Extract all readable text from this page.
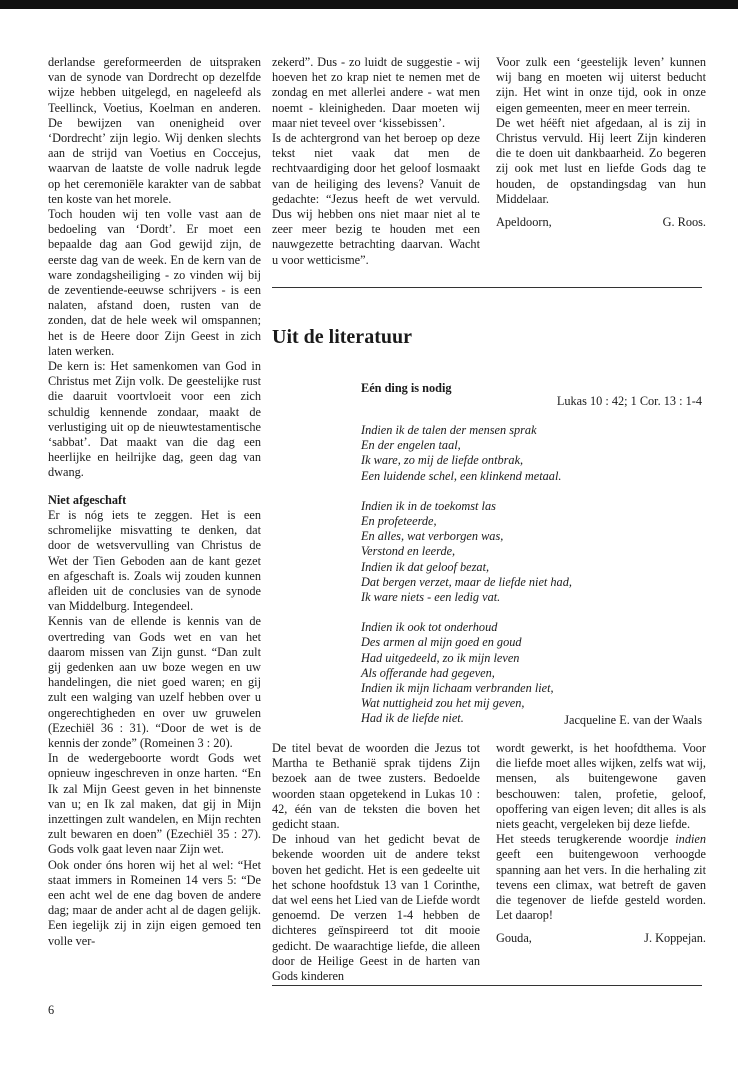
derlandse gereformeerden de uitspraken van de synode van Dordrecht op dezelfde wijze hebben uitgelegd, en nageleefd als Teellinck, Voetius, Koelman en anderen. De bewijzen van onenigheid over ‘Dordrecht’ zijn legio. Wij denken slechts aan de strijd van Voetius en Coccejus, waarvan de laatste de volle nadruk legde op het ceremoniële karakter van de sabbat ten koste van het morele.

Toch houden wij ten volle vast aan de bedoeling van ‘Dordt’. Er moet een bepaalde dag aan God gewijd zijn, de eerste dag van de week. En de kern van de ware zondagsheiliging - zo vinden wij bij de zeventiende-eeuwse schrijvers - is een nalaten, afstand doen, rusten van de zonden, dat de hele week wil omspannen; het is de Heere door Zijn Geest in zich laten werken.

De kern is: Het samenkomen van God in Christus met Zijn volk. De geestelijke rust die daaruit voortvloeit voor een zich schuldig kennende zondaar, maakt de verlustiging uit op de nieuwtestamentische ‘sabbat’. Dat maakt van die dag een heerlijke en heilrijke dag, geen dag van dwang.

Niet afgeschaft

Er is nóg iets te zeggen. Het is een schromelijke misvatting te denken, dat door de wetsvervulling van Christus de Wet der Tien Geboden aan de kant gezet en afgeschaft is. Zoals wij zouden kunnen afleiden uit de conclusies van de synode van Middelburg. Integendeel.

Kennis van de ellende is kennis van de overtreding van Gods wet en van het daarom missen van Zijn gunst. “Dan zult gij gedenken aan uw boze wegen en uw handelingen, die niet goed waren; en gij zult een walging van uzelf hebben over u ongerechtigheden en over uw gruwelen (Ezechiël 36 : 31). “Door de wet is de kennis der zonde” (Romeinen 3 : 20).

In de wedergeboorte wordt Gods wet opnieuw ingeschreven in onze harten. “En Ik zal Mijn Geest geven in het binnenste van u; en Ik zal maken, dat gij in Mijn inzettingen zult wandelen, en Mijn rechten zult bewaren en doen” (Ezechiël 35 : 27). Gods volk gaat leven naar Zijn wet.

Ook onder óns horen wij het al wel: “Het staat immers in Romeinen 14 vers 5: “De een acht wel de ene dag boven de andere dag; maar de ander acht al de dagen gelijk. Een iegelijk zij in zijn eigen gemoed ten volle ver-

zekerd”. Dus - zo luidt de suggestie - wij hoeven het zo krap niet te nemen met de zondag en met allerlei andere - wat men noemt - kleinigheden. Daar moeten wij maar niet teveel over ‘kissebissen’.

Is de achtergrond van het beroep op deze tekst niet vaak dat men de rechtvaardiging door het geloof losmaakt van de heiliging des levens? Vanuit de gedachte: “Jezus heeft de wet vervuld. Dus wij hebben ons niet maar niet al te zeer meer bezig te houden met een nauwgezette betrachting daarvan. Wacht u voor wetticisme”.

Voor zulk een ‘geestelijk leven’ kunnen wij bang en moeten wij uiterst beducht zijn. Het wint in onze tijd, ook in onze eigen gemeenten, meer en meer terrein.

De wet héëft niet afgedaan, al is zij in Christus vervuld. Hij leert Zijn kinderen die te doen uit dankbaarheid. Zo begeren zij ook met lust en liefde Gods dag te houden, de opstandingsdag van hun Middelaar.

Apeldoorn,	G. Roos.

Uit de literatuur
Eén ding is nodig
Lukas 10 : 42; 1 Cor. 13 : 1-4
Indien ik de talen der mensen sprak
En der engelen taal,
Ik ware, zo mij de liefde ontbrak,
Een luidende schel, een klinkend metaal.
Indien ik in de toekomst las
En profeteerde,
En alles, wat verborgen was,
Verstond en leerde,
Indien ik dat geloof bezat,
Dat bergen verzet, maar de liefde niet had,
Ik ware niets - een ledig vat.
Indien ik ook tot onderhoud
Des armen al mijn goed en goud
Had uitgedeeld, zo ik mijn leven
Als offerande had gegeven,
Indien ik mijn lichaam verbranden liet,
Wat nuttigheid zou het mij geven,
Had ik de liefde niet.	Jacqueline E. van der Waals

De titel bevat de woorden die Jezus tot Martha te Bethanië sprak tijdens Zijn bezoek aan de twee zusters. Bedoelde woorden staan opgetekend in Lukas 10 : 42, één van de teksten die boven het gedicht staan.

De inhoud van het gedicht bevat de bekende woorden uit de andere tekst boven het gedicht. Het is een gedeelte uit het schone hoofdstuk 13 van 1 Corinthe, dat wel eens het Lied van de Liefde wordt genoemd. De verzen 1-4 hebben de dichteres geïnspireerd tot dit mooie gedicht. De waarachtige liefde, die alleen door de Heilige Geest in de harten van Gods kinderen

wordt gewerkt, is het hoofdthema. Voor die liefde moet alles wijken, zelfs wat wij, mensen, als buitengewone gaven beschouwen: talen, profetie, geloof, opoffering van eigen leven; dit alles is als niets geacht, vergeleken bij deze liefde.

Het steeds terugkerende woordje indien geeft een buitengewoon verhoogde spanning aan het vers. In die herhaling zit tevens een climax, wat betreft de gaven die tegenover de liefde gesteld worden. Let daarop!

Gouda,	J. Koppejan.

6
